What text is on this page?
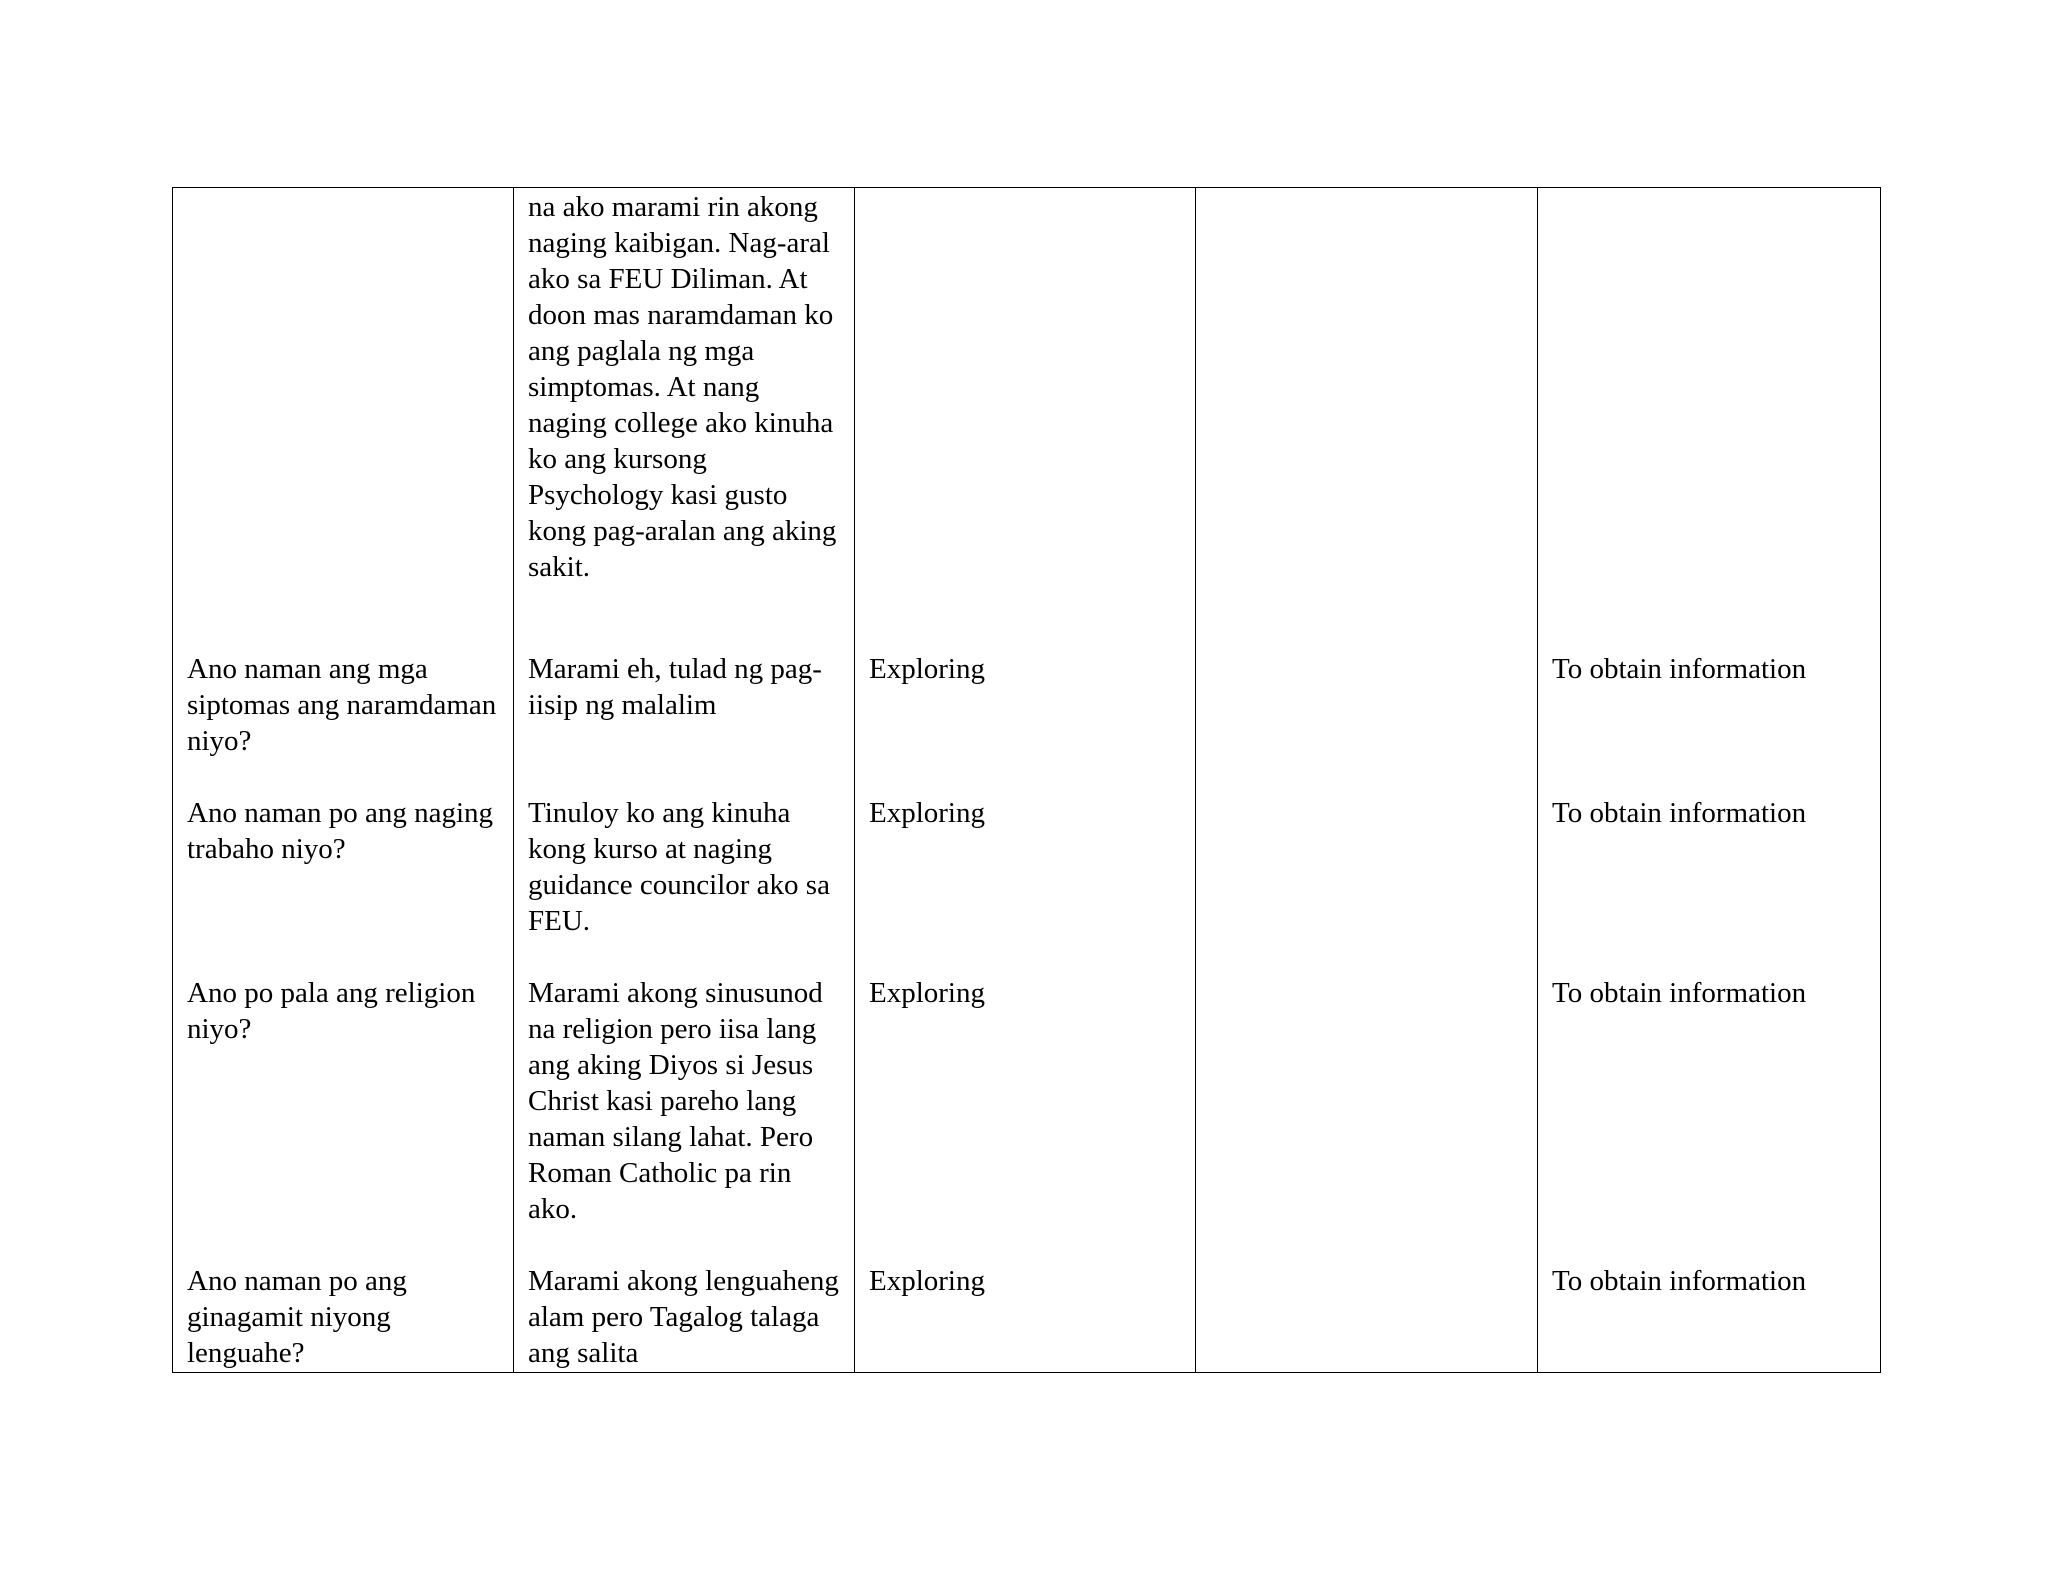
	na ako marami rin akong naging kaibigan. Nag-aral ako sa FEU Diliman. At doon mas naramdaman ko ang paglala ng mga simptomas. At nang naging college ako kinuha ko ang kursong Psychology kasi gusto kong pag-aralan ang aking sakit.			

Ano naman ang mga siptomas ang naramdaman niyo?	Marami eh, tulad ng pag-iisip ng malalim	Exploring		To obtain information

Ano naman po ang naging trabaho niyo?	Tinuloy ko ang kinuha kong kurso at naging guidance councilor ako sa FEU.	Exploring		To obtain information

Ano po pala ang religion niyo?	Marami akong sinusunod na religion pero iisa lang ang aking Diyos si Jesus Christ kasi pareho lang naman silang lahat. Pero Roman Catholic pa rin ako.	Exploring		To obtain information

Ano naman po ang ginagamit niyong lenguahe?	Marami akong lenguaheng alam pero Tagalog talaga ang salita	Exploring		To obtain information
